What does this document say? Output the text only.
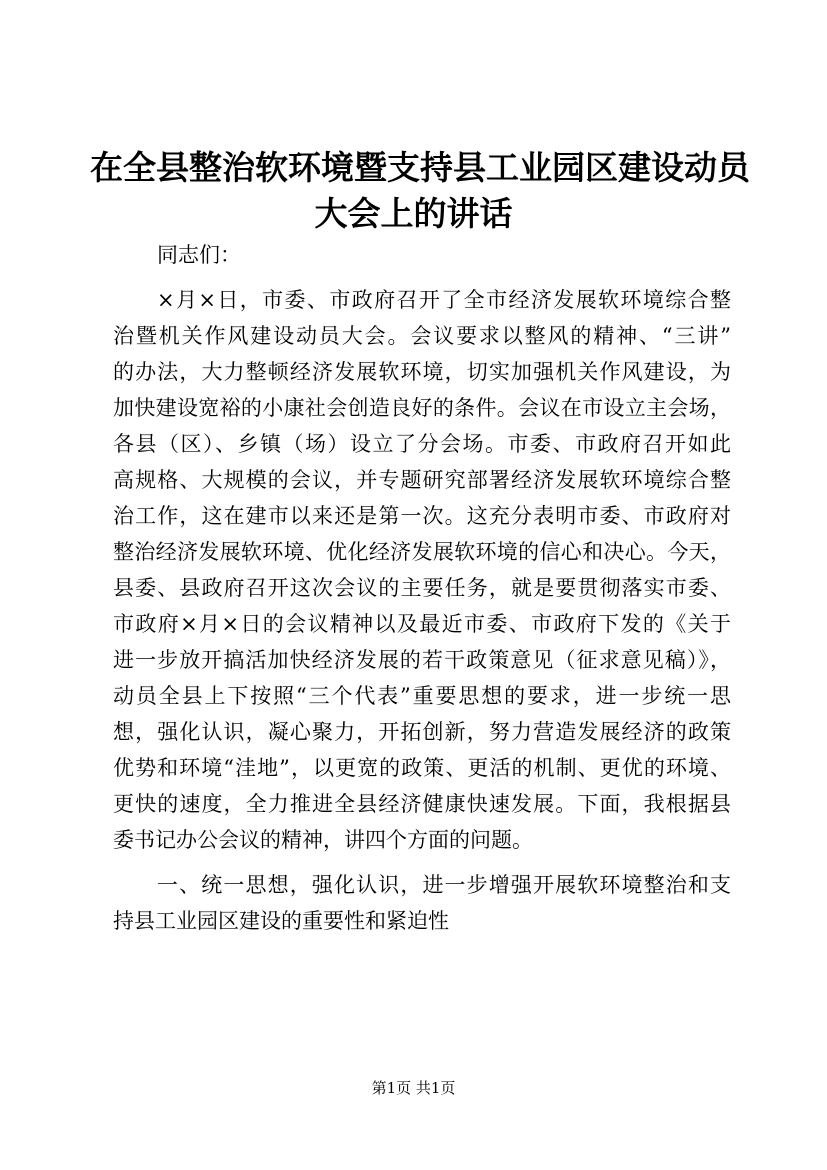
在全县整治软环境暨支持县工业园区建设动员
大会上的讲话
同志们：
×月×日，市委、市政府召开了全市经济发展软环境综合整
治暨机关作风建设动员大会。会议要求以整风的精神、“三讲”
的办法，大力整顿经济发展软环境，切实加强机关作风建设，为
加快建设宽裕的小康社会创造良好的条件。会议在市设立主会场，
各县（区）、乡镇（场）设立了分会场。市委、市政府召开如此
高规格、大规模的会议，并专题研究部署经济发展软环境综合整
治工作，这在建市以来还是第一次。这充分表明市委、市政府对
整治经济发展软环境、优化经济发展软环境的信心和决心。今天，
县委、县政府召开这次会议的主要任务，就是要贯彻落实市委、
市政府×月×日的会议精神以及最近市委、市政府下发的《关于
进一步放开搞活加快经济发展的若干政策意见（征求意见稿）》，
动员全县上下按照“三个代表”重要思想的要求，进一步统一思
想，强化认识，凝心聚力，开拓创新，努力营造发展经济的政策
优势和环境“洼地”，以更宽的政策、更活的机制、更优的环境、
更快的速度，全力推进全县经济健康快速发展。下面，我根据县
委书记办公会议的精神，讲四个方面的问题。
一、统一思想，强化认识，进一步增强开展软环境整治和支
持县工业园区建设的重要性和紧迫性
第1页 共1页
